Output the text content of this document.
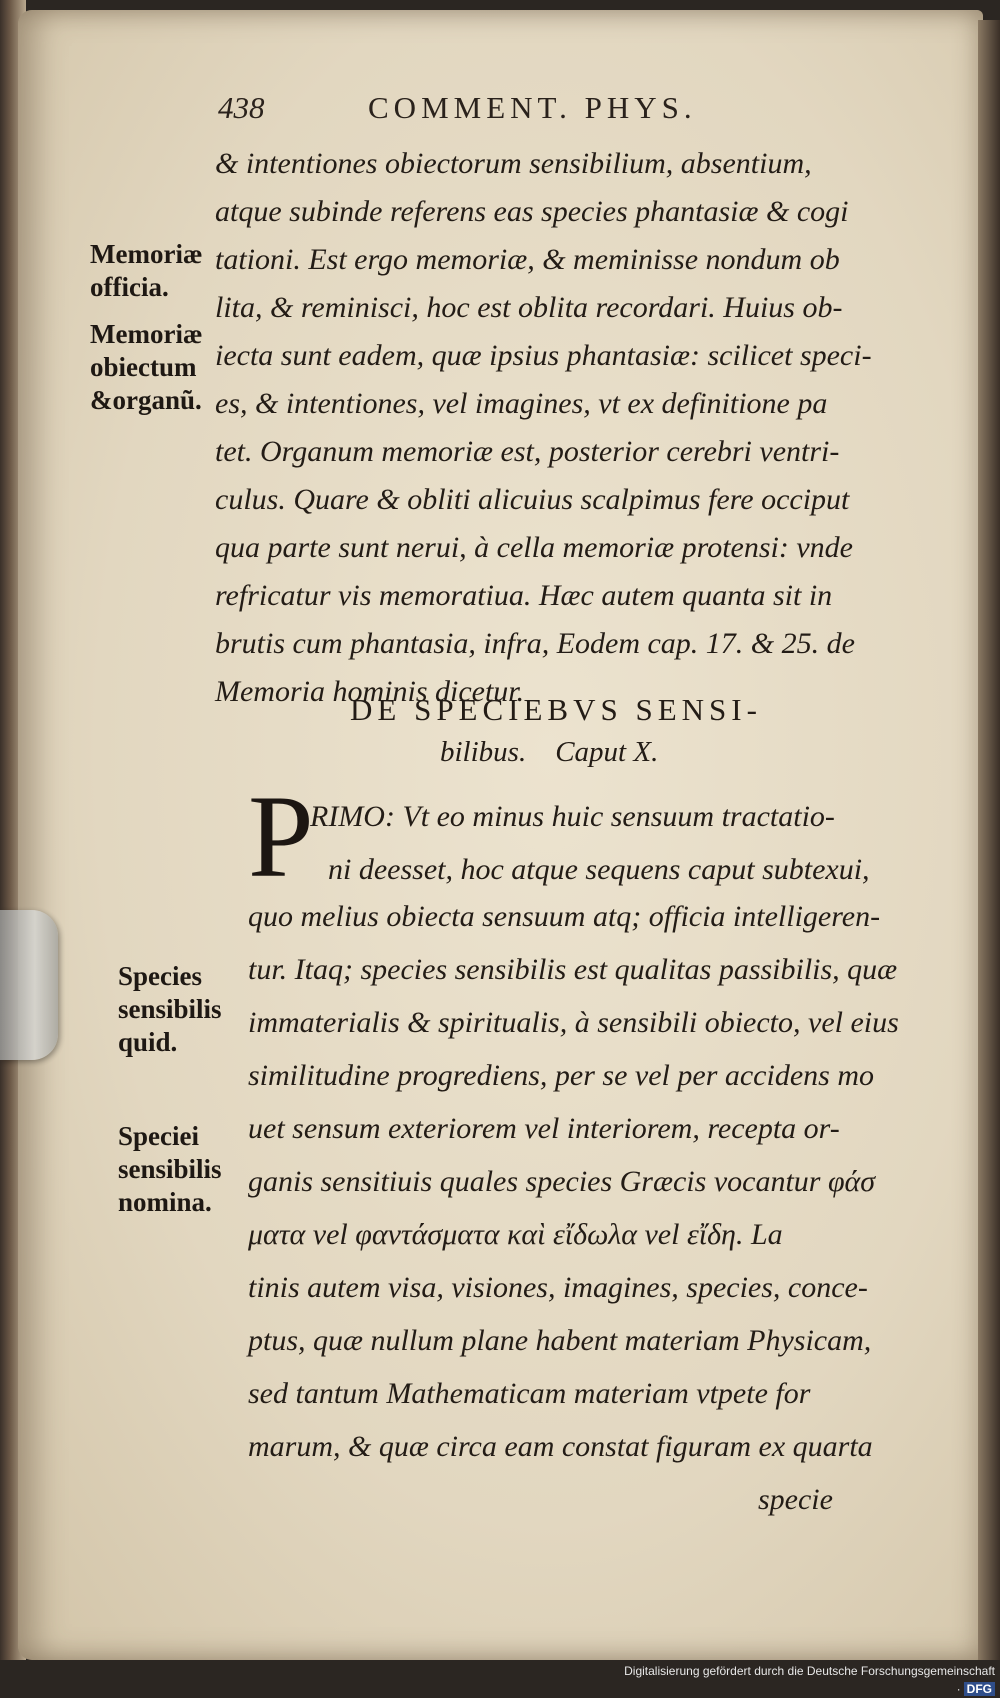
438	COMMENT. PHYS.
& intentiones obiectorum sensibilium, absentium,
atque subinde referens eas species phantasiæ & cogi
tationi. Est ergo memoriæ, & meminisse nondum ob
lita, & reminisci, hoc est oblita recordari. Huius ob-
iecta sunt eadem, quæ ipsius phantasiæ: scilicet speci-
es, & intentiones, vel imagines, vt ex definitione pa
tet. Organum memoriæ est, posterior cerebri ventri-
culus. Quare & obliti alicuius scalpimus fere occiput
qua parte sunt nerui, à cella memoriæ protensi: vnde
refricatur vis memoratiua. Hæc autem quanta sit in
brutis cum phantasia, infra, Eodem cap. 17. & 25. de
Memoria hominis dicetur.
Memoriæ
officia.
Memoriæ
obiectum
&organũ.
DE SPECIEBVS SENSI-
bilibus. Caput X.
P
RIMO: Vt eo minus huic sensuum tractatio-
ni deesset, hoc atque sequens caput subtexui,
quo melius obiecta sensuum atq; officia intelligeren-
tur. Itaq; species sensibilis est qualitas passibilis, quæ
immaterialis & spiritualis, à sensibili obiecto, vel eius
similitudine progrediens, per se vel per accidens mo
uet sensum exteriorem vel interiorem, recepta or-
ganis sensitiuis quales species Græcis vocantur φάσ
ματα vel φαντάσματα καὶ εἴδωλα vel εἴδη. La
tinis autem visa, visiones, imagines, species, conce-
ptus, quæ nullum plane habent materiam Physicam,
sed tantum Mathematicam materiam vtpete for
marum, & quæ circa eam constat figuram ex quarta
specie
Species
sensibilis
quid.
Speciei
sensibilis
nomina.
Digitalisierung gefördert durch die Deutsche Forschungsgemeinschaft · DFG
